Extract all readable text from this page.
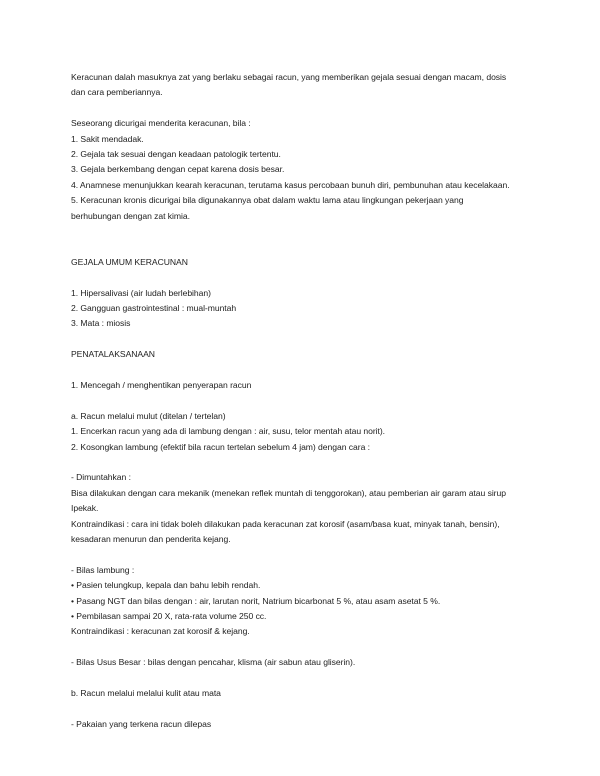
Keracunan dalah masuknya zat yang berlaku sebagai racun, yang memberikan gejala sesuai dengan macam, dosis
dan cara pemberiannya.
Seseorang dicurigai menderita keracunan, bila :
1. Sakit mendadak.
2. Gejala tak sesuai dengan keadaan patologik tertentu.
3. Gejala berkembang dengan cepat karena dosis besar.
4. Anamnese menunjukkan kearah keracunan, terutama kasus percobaan bunuh diri, pembunuhan atau kecelakaan.
5. Keracunan kronis dicurigai bila digunakannya obat dalam waktu lama atau lingkungan pekerjaan yang
berhubungan dengan zat kimia.
GEJALA UMUM KERACUNAN
1. Hipersalivasi (air ludah berlebihan)
2. Gangguan gastrointestinal : mual-muntah
3. Mata : miosis
PENATALAKSANAAN
1. Mencegah / menghentikan penyerapan racun
a. Racun melalui mulut (ditelan / tertelan)
1. Encerkan racun yang ada di lambung dengan : air, susu, telor mentah atau norit).
2. Kosongkan lambung (efektif bila racun tertelan sebelum 4 jam) dengan cara :
- Dimuntahkan :
Bisa dilakukan dengan cara mekanik (menekan reflek muntah di tenggorokan), atau pemberian air garam atau sirup
Ipekak.
Kontraindikasi : cara ini tidak boleh dilakukan pada keracunan zat korosif (asam/basa kuat, minyak tanah, bensin),
kesadaran menurun dan penderita kejang.
- Bilas lambung :
• Pasien telungkup, kepala dan bahu lebih rendah.
• Pasang NGT dan bilas dengan : air, larutan norit, Natrium bicarbonat 5 %, atau asam asetat 5 %.
• Pembilasan sampai 20 X, rata-rata volume 250 cc.
Kontraindikasi : keracunan zat korosif & kejang.
- Bilas Usus Besar : bilas dengan pencahar, klisma (air sabun atau gliserin).
b. Racun melalui melalui kulit atau mata
- Pakaian yang terkena racun dilepas
